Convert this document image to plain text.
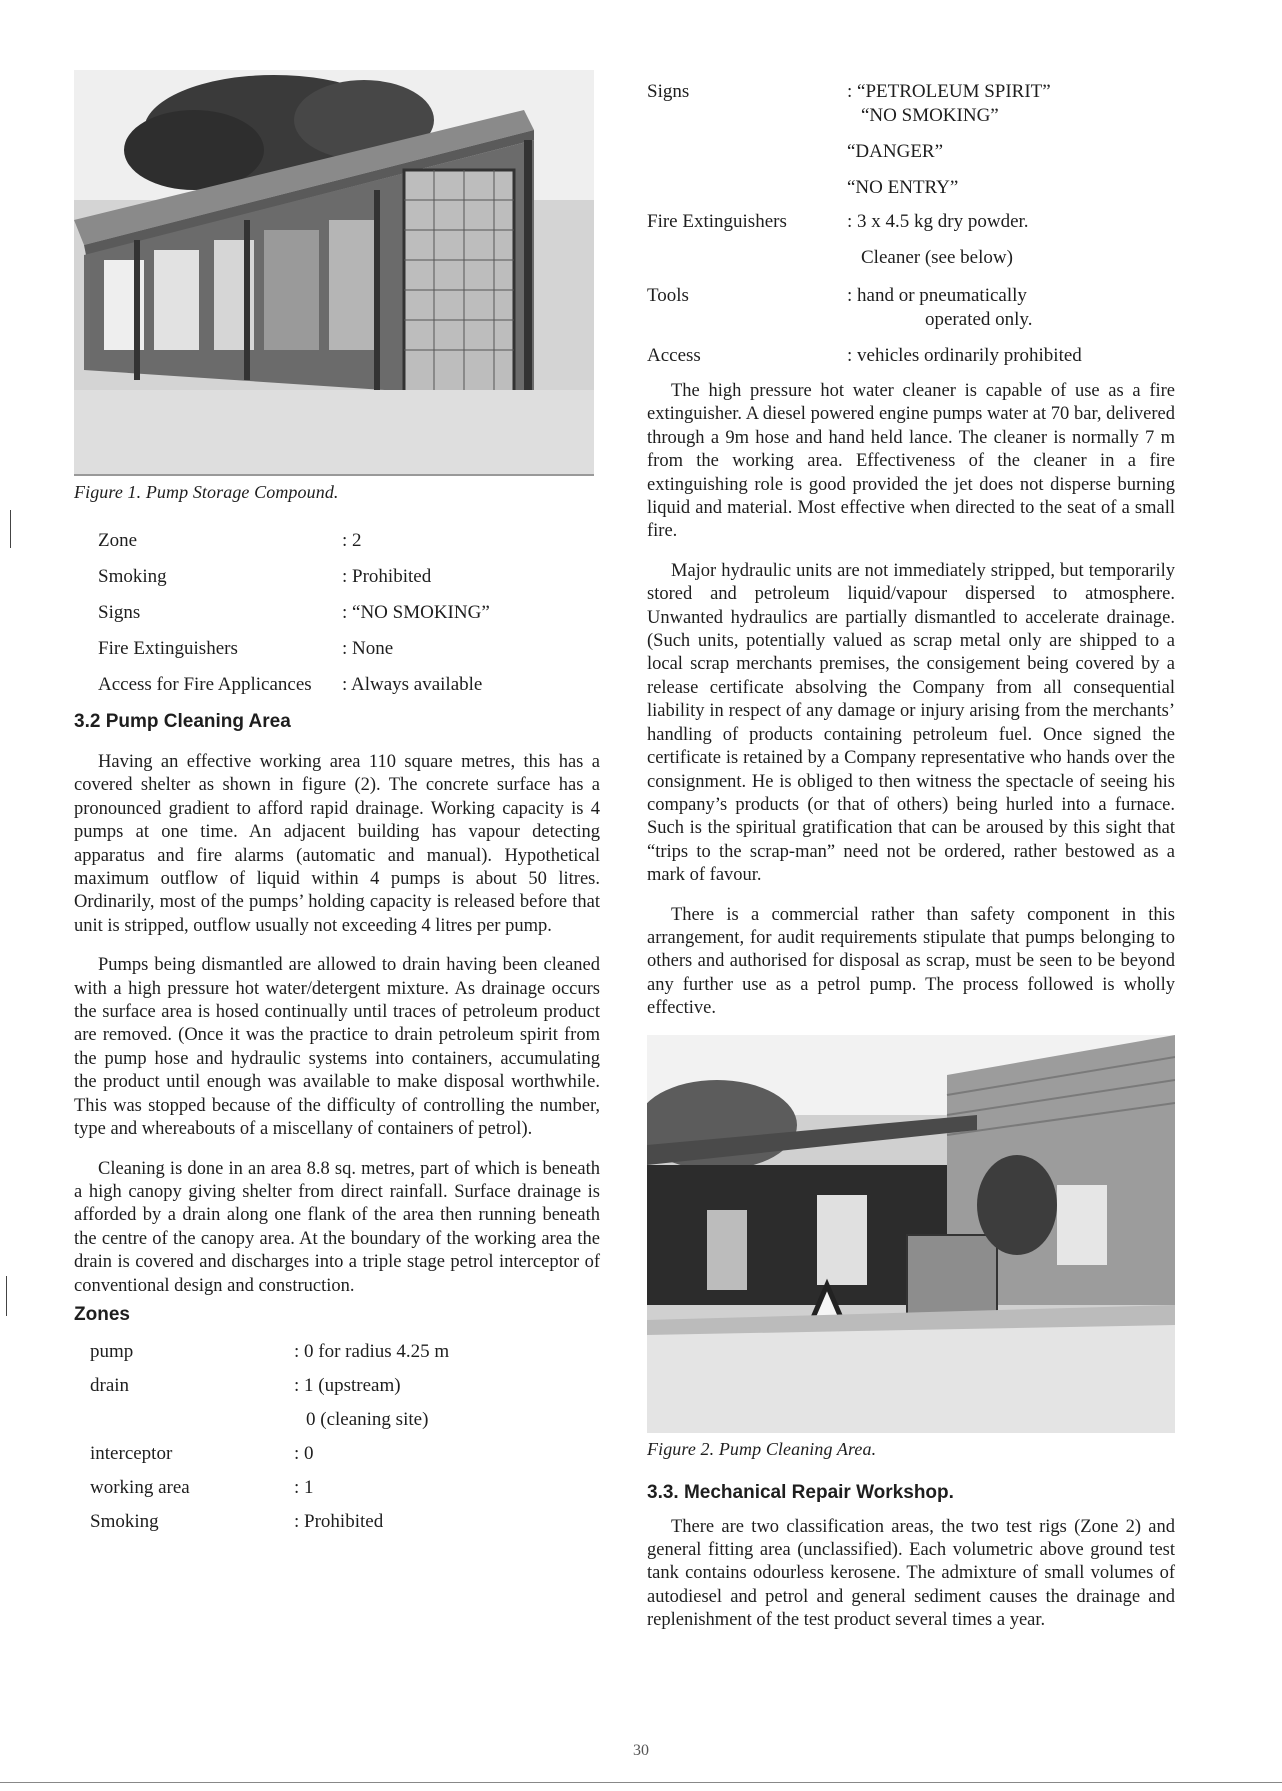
Figure 1. Pump Storage Compound.
Zone	: 2
Smoking	: Prohibited
Signs	: “NO SMOKING”
Fire Extinguishers	: None
Access for Fire Applicances	: Always available
3.2 Pump Cleaning Area

Having an effective working area 110 square metres, this has a covered shelter as shown in figure (2). The concrete surface has a pronounced gradient to afford rapid drainage. Working capacity is 4 pumps at one time. An adjacent building has vapour detecting apparatus and fire alarms (automatic and manual). Hypothetical maximum outflow of liquid within 4 pumps is about 50 litres. Ordinarily, most of the pumps’ holding capacity is released before that unit is stripped, outflow usually not exceeding 4 litres per pump.

Pumps being dismantled are allowed to drain having been cleaned with a high pressure hot water/detergent mixture. As drainage occurs the surface area is hosed continually until traces of petroleum product are removed. (Once it was the practice to drain petroleum spirit from the pump hose and hydraulic systems into containers, accumulating the product until enough was available to make disposal worthwhile. This was stopped because of the difficulty of controlling the number, type and whereabouts of a miscellany of containers of petrol).

Cleaning is done in an area 8.8 sq. metres, part of which is beneath a high canopy giving shelter from direct rainfall. Surface drainage is afforded by a drain along one flank of the area then running beneath the centre of the canopy area. At the boundary of the working area the drain is covered and discharges into a triple stage petrol interceptor of conventional design and construction.

Zones
pump	: 0 for radius 4.25 m
drain	: 1 (upstream)
0 (cleaning site)
interceptor	: 0
working area	: 1
Smoking	: Prohibited
Signs	: “PETROLEUM SPIRIT”
“NO SMOKING”
“DANGER”
“NO ENTRY”
Fire Extinguishers	: 3 x 4.5 kg dry powder.
Cleaner (see below)
Tools	: hand or pneumatically
operated only.
Access	: vehicles ordinarily prohibited

The high pressure hot water cleaner is capable of use as a fire extinguisher. A diesel powered engine pumps water at 70 bar, delivered through a 9m hose and hand held lance. The cleaner is normally 7 m from the working area. Effectiveness of the cleaner in a fire extinguishing role is good provided the jet does not disperse burning liquid and material. Most effective when directed to the seat of a small fire.

Major hydraulic units are not immediately stripped, but temporarily stored and petroleum liquid/vapour dispersed to atmosphere. Unwanted hydraulics are partially dismantled to accelerate drainage. (Such units, potentially valued as scrap metal only are shipped to a local scrap merchants premises, the consigement being covered by a release certificate absolving the Company from all consequential liability in respect of any damage or injury arising from the merchants’ handling of products containing petroleum fuel. Once signed the certificate is retained by a Company representative who hands over the consignment. He is obliged to then witness the spectacle of seeing his company’s products (or that of others) being hurled into a furnace. Such is the spiritual gratification that can be aroused by this sight that “trips to the scrap-man” need not be ordered, rather bestowed as a mark of favour.

There is a commercial rather than safety component in this arrangement, for audit requirements stipulate that pumps belonging to others and authorised for disposal as scrap, must be seen to be beyond any further use as a petrol pump. The process followed is wholly effective.

Figure 2. Pump Cleaning Area.
3.3. Mechanical Repair Workshop.

There are two classification areas, the two test rigs (Zone 2) and general fitting area (unclassified). Each volumetric above ground test tank contains odourless kerosene. The admixture of small volumes of autodiesel and petrol and general sediment causes the drainage and replenishment of the test product several times a year.

30
